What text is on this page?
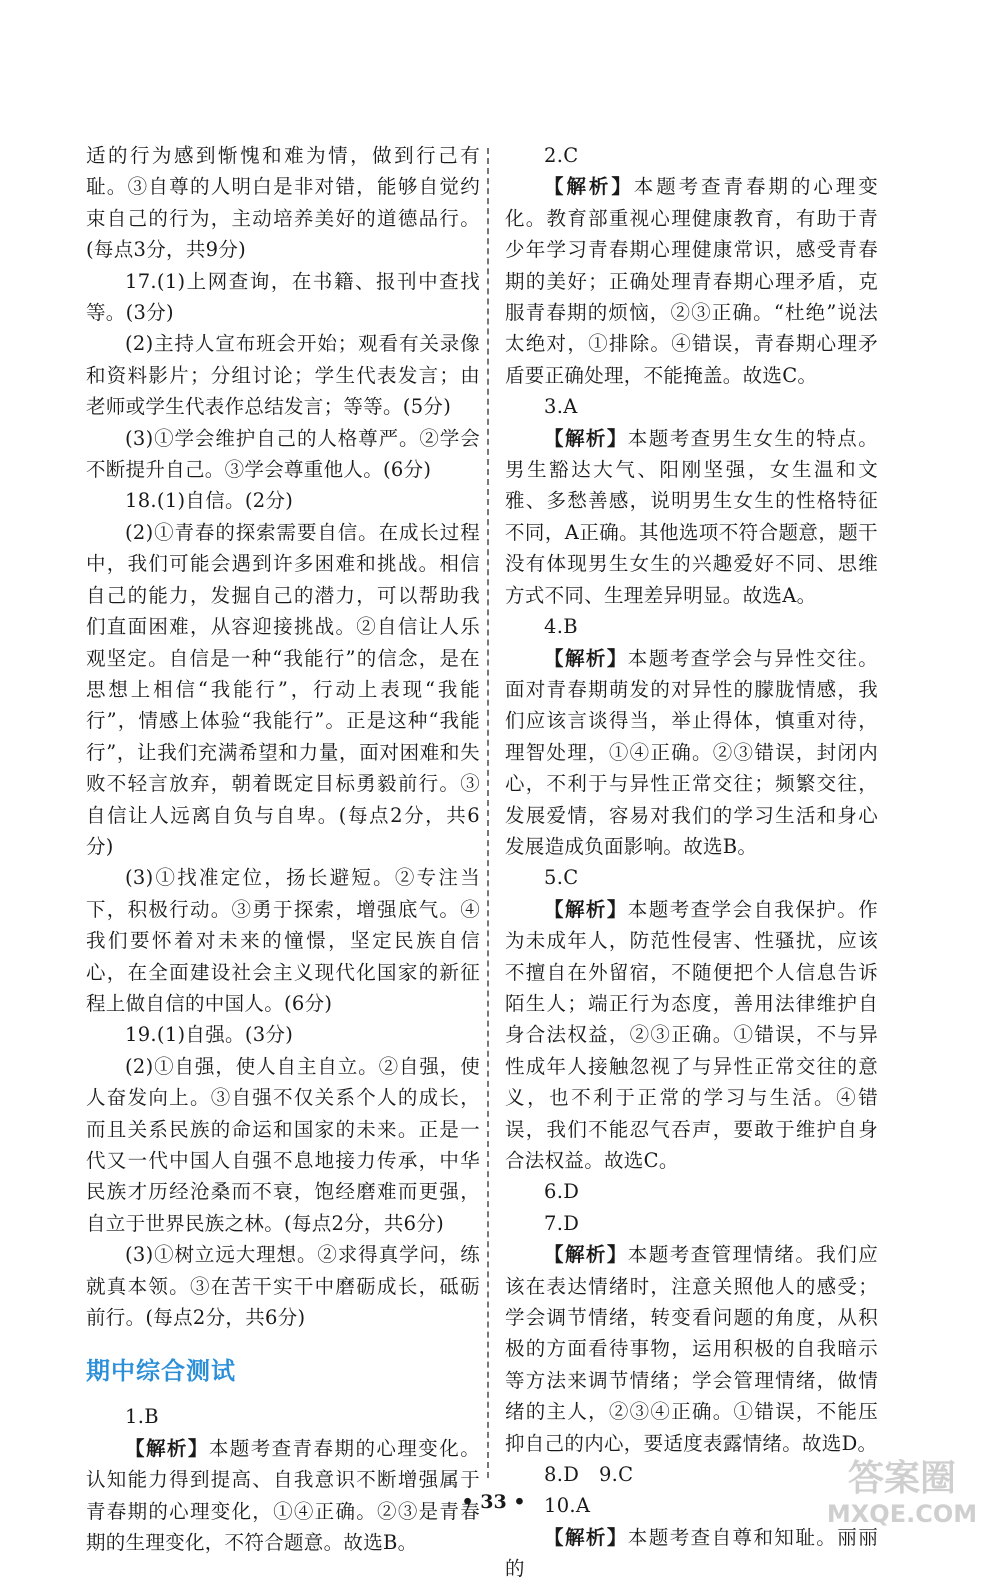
适的行为感到惭愧和难为情，做到行己有耻。③自尊的人明白是非对错，能够自觉约束自己的行为，主动培养美好的道德品行。(每点3分，共9分)

17.(1)上网查询，在书籍、报刊中查找等。(3分)

(2)主持人宣布班会开始；观看有关录像和资料影片；分组讨论；学生代表发言；由老师或学生代表作总结发言；等等。(5分)

(3)①学会维护自己的人格尊严。②学会不断提升自己。③学会尊重他人。(6分)

18.(1)自信。(2分)

(2)①青春的探索需要自信。在成长过程中，我们可能会遇到许多困难和挑战。相信自己的能力，发掘自己的潜力，可以帮助我们直面困难，从容迎接挑战。②自信让人乐观坚定。自信是一种“我能行”的信念，是在思想上相信“我能行”，行动上表现“我能行”，情感上体验“我能行”。正是这种“我能行”，让我们充满希望和力量，面对困难和失败不轻言放弃，朝着既定目标勇毅前行。③自信让人远离自负与自卑。(每点2分，共6分)

(3)①找准定位，扬长避短。②专注当下，积极行动。③勇于探索，增强底气。④我们要怀着对未来的憧憬，坚定民族自信心，在全面建设社会主义现代化国家的新征程上做自信的中国人。(6分)

19.(1)自强。(3分)

(2)①自强，使人自主自立。②自强，使人奋发向上。③自强不仅关系个人的成长，而且关系民族的命运和国家的未来。正是一代又一代中国人自强不息地接力传承，中华民族才历经沧桑而不衰，饱经磨难而更强，自立于世界民族之林。(每点2分，共6分)

(3)①树立远大理想。②求得真学问，练就真本领。③在苦干实干中磨砺成长，砥砺前行。(每点2分，共6分)

期中综合测试

1.B

【解析】本题考查青春期的心理变化。认知能力得到提高、自我意识不断增强属于青春期的心理变化，①④正确。②③是青春期的生理变化，不符合题意。故选B。

2.C

【解析】本题考查青春期的心理变化。教育部重视心理健康教育，有助于青少年学习青春期心理健康常识，感受青春期的美好；正确处理青春期心理矛盾，克服青春期的烦恼，②③正确。“杜绝”说法太绝对，①排除。④错误，青春期心理矛盾要正确处理，不能掩盖。故选C。

3.A

【解析】本题考查男生女生的特点。男生豁达大气、阳刚坚强，女生温和文雅、多愁善感，说明男生女生的性格特征不同，A正确。其他选项不符合题意，题干没有体现男生女生的兴趣爱好不同、思维方式不同、生理差异明显。故选A。

4.B

【解析】本题考查学会与异性交往。面对青春期萌发的对异性的朦胧情感，我们应该言谈得当，举止得体，慎重对待，理智处理，①④正确。②③错误，封闭内心，不利于与异性正常交往；频繁交往，发展爱情，容易对我们的学习生活和身心发展造成负面影响。故选B。

5.C

【解析】本题考查学会自我保护。作为未成年人，防范性侵害、性骚扰，应该不擅自在外留宿，不随便把个人信息告诉陌生人；端正行为态度，善用法律维护自身合法权益，②③正确。①错误，不与异性成年人接触忽视了与异性正常交往的意义，也不利于正常的学习与生活。④错误，我们不能忍气吞声，要敢于维护自身合法权益。故选C。

6.D

7.D

【解析】本题考查管理情绪。我们应该在表达情绪时，注意关照他人的感受；学会调节情绪，转变看问题的角度，从积极的方面看待事物，运用积极的自我暗示等方法来调节情绪；学会管理情绪，做情绪的主人，②③④正确。①错误，不能压抑自己的内心，要适度表露情绪。故选D。

8.D　9.C

10.A

【解析】本题考查自尊和知耻。丽丽的

• 33 •
答案圈
MXQE.COM
